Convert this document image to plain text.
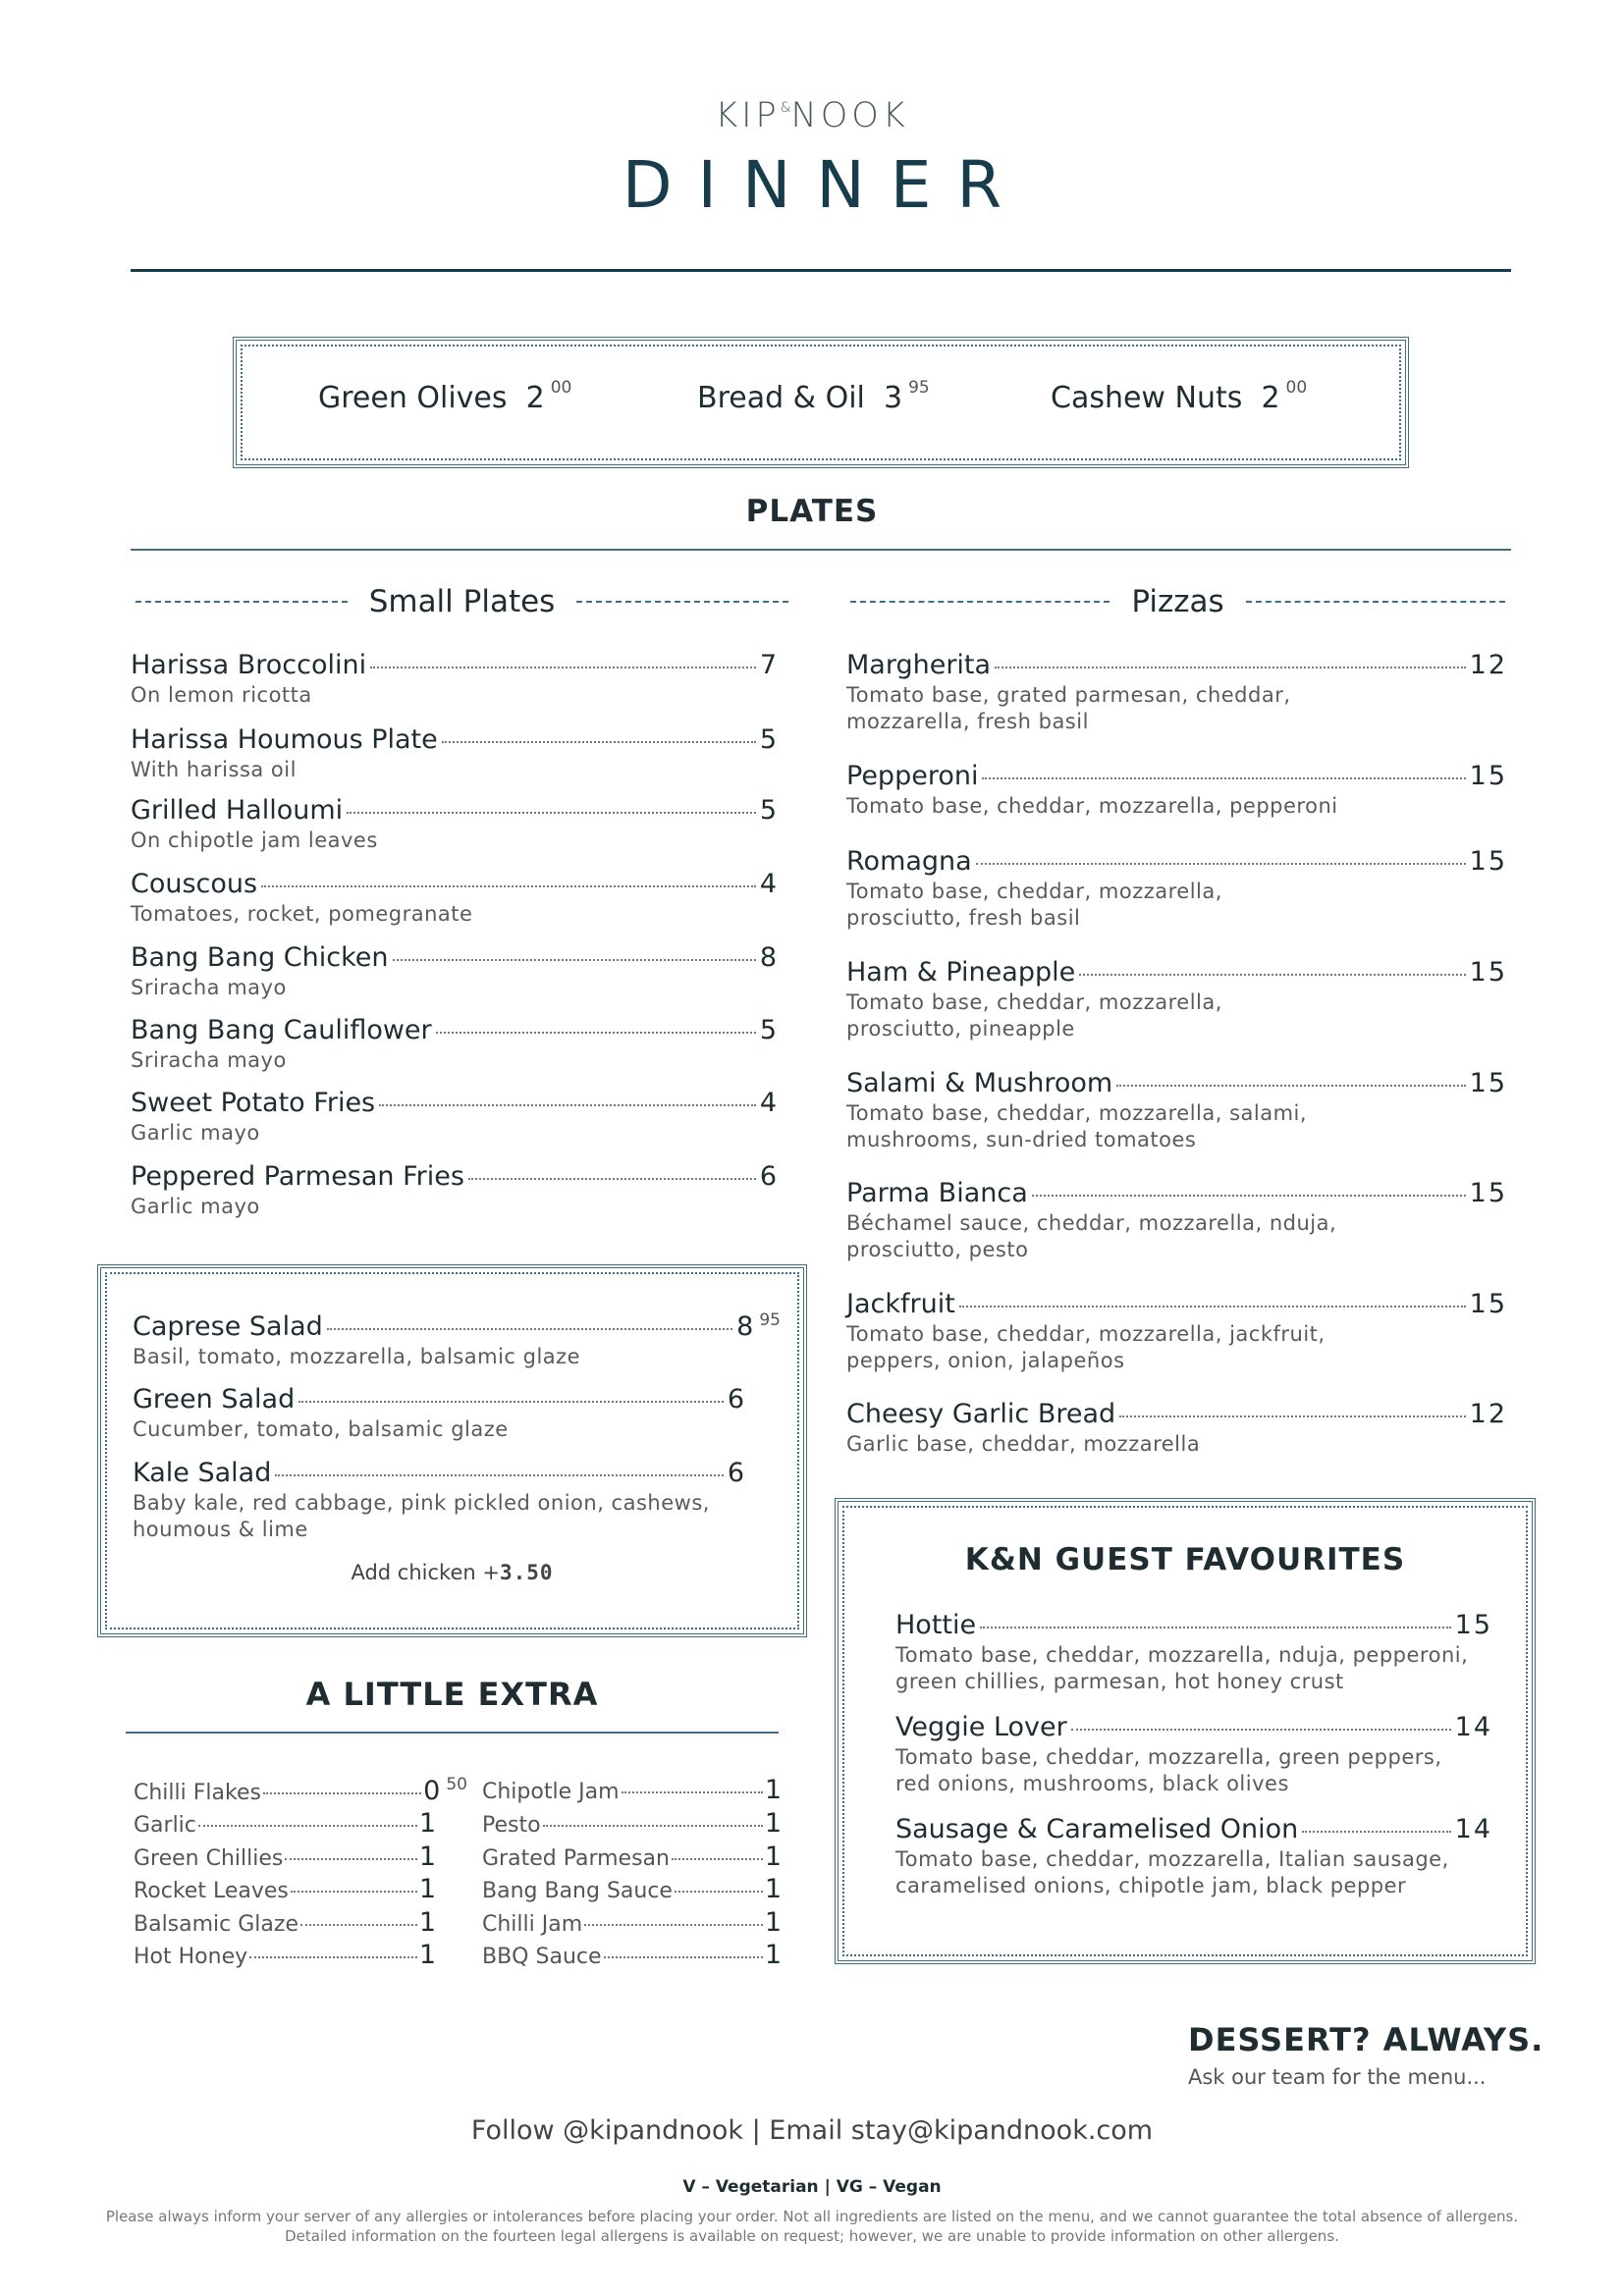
KIP&NOOK
DINNER
Green Olives 2 $^{00}$	Bread & Oil 3 $^{95}$	Cashew Nuts 2 $^{00}$
PLATES
Small Plates
Harissa Broccolini	7
On lemon ricotta
Harissa Houmous Plate	5
With harissa oil
Grilled Halloumi	5
On chipotle jam leaves
Couscous	4
Tomatoes, rocket, pomegranate
Bang Bang Chicken	8
Sriracha mayo
Bang Bang Cauliflower	5
Sriracha mayo
Sweet Potato Fries	4
Garlic mayo
Peppered Parmesan Fries	6
Garlic mayo
Caprese Salad	8 $^{95}$
Basil, tomato, mozzarella, balsamic glaze
Green Salad	6
Cucumber, tomato, balsamic glaze
Kale Salad	6
Baby kale, red cabbage, pink pickled onion, cashews, houmous & lime
Add chicken +3.50
A LITTLE EXTRA
Chilli Flakes	0 $^{50}$
Garlic	1
Green Chillies	1
Rocket Leaves	1
Balsamic Glaze	1
Hot Honey	1
Chipotle Jam	1
Pesto	1
Grated Parmesan	1
Bang Bang Sauce	1
Chilli Jam	1
BBQ Sauce	1
Pizzas
Margherita	12
Tomato base, grated parmesan, cheddar, mozzarella, fresh basil
Pepperoni	15
Tomato base, cheddar, mozzarella, pepperoni
Romagna	15
Tomato base, cheddar, mozzarella, prosciutto, fresh basil
Ham & Pineapple	15
Tomato base, cheddar, mozzarella, prosciutto, pineapple
Salami & Mushroom	15
Tomato base, cheddar, mozzarella, salami, mushrooms, sun-dried tomatoes
Parma Bianca	15
Béchamel sauce, cheddar, mozzarella, nduja, prosciutto, pesto
Jackfruit	15
Tomato base, cheddar, mozzarella, jackfruit, peppers, onion, jalapeños
Cheesy Garlic Bread	12
Garlic base, cheddar, mozzarella
K&N GUEST FAVOURITES
Hottie	15
Tomato base, cheddar, mozzarella, nduja, pepperoni, green chillies, parmesan, hot honey crust
Veggie Lover	14
Tomato base, cheddar, mozzarella, green peppers, red onions, mushrooms, black olives
Sausage & Caramelised Onion	14
Tomato base, cheddar, mozzarella, Italian sausage, caramelised onions, chipotle jam, black pepper
DESSERT? ALWAYS.
Ask our team for the menu...
Follow @kipandnook | Email stay@kipandnook.com
V – Vegetarian | VG – Vegan
Please always inform your server of any allergies or intolerances before placing your order. Not all ingredients are listed on the menu, and we cannot guarantee the total absence of allergens.
Detailed information on the fourteen legal allergens is available on request; however, we are unable to provide information on other allergens.
